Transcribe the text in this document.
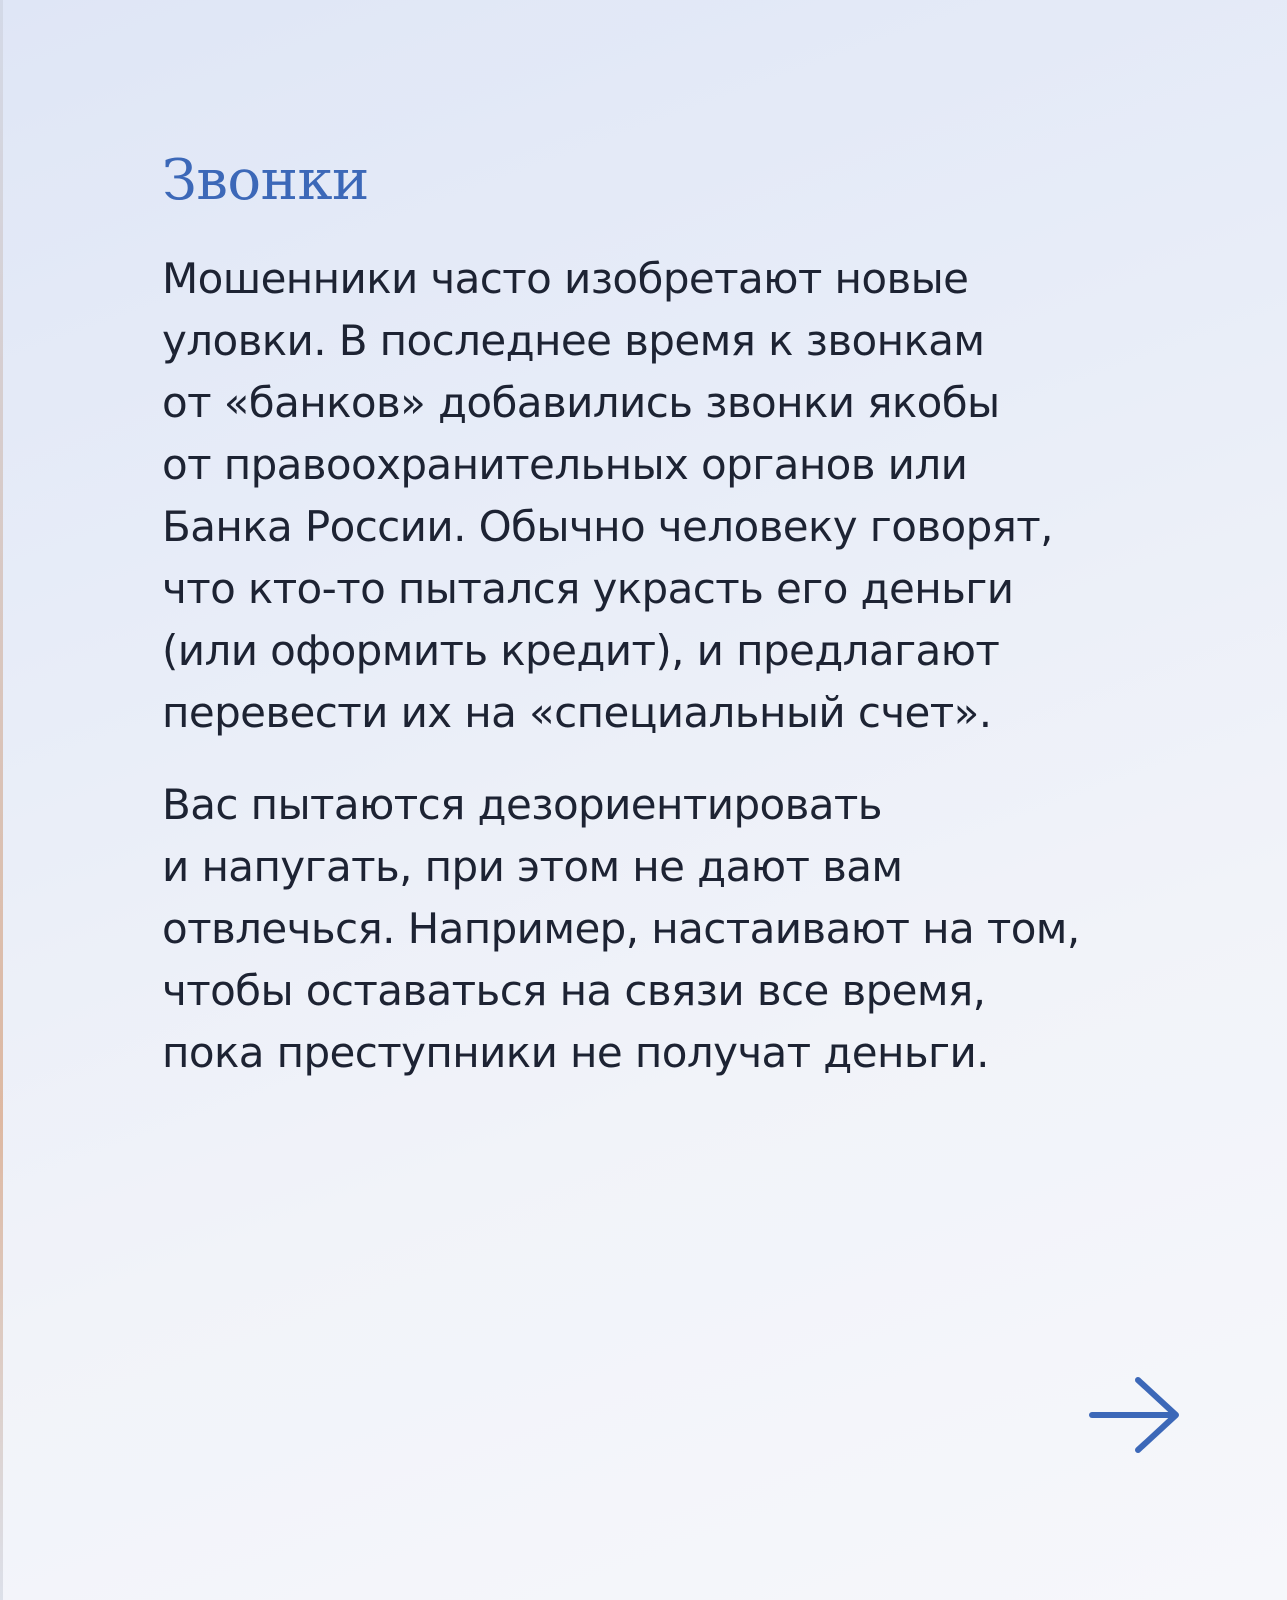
Звонки

Мошенники часто изобретают новые
уловки. В последнее время к звонкам
от «банков» добавились звонки якобы
от правоохранительных органов или
Банка России. Обычно человеку говорят,
что кто-то пытался украсть его деньги
(или оформить кредит), и предлагают
перевести их на «специальный счет».

Вас пытаются дезориентировать
и напугать, при этом не дают вам
отвлечься. Например, настаивают на том,
чтобы оставаться на связи все время,
пока преступники не получат деньги.
